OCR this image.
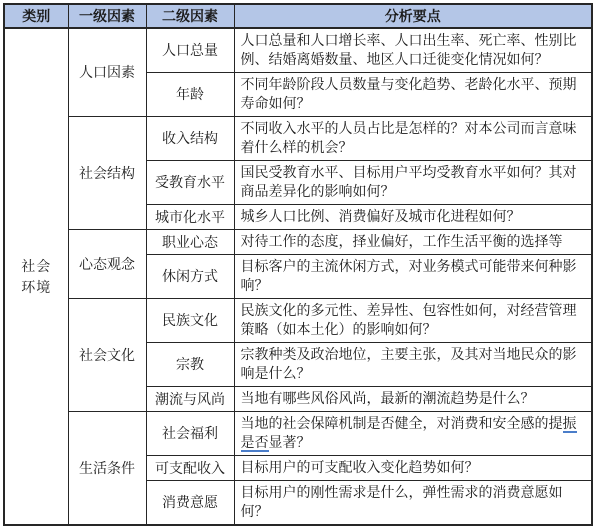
类别	一级因素	二级因素	分析要点

社会环境	人口因素	人口总量	人口总量和人口增长率、人口出生率、死亡率、性别比例、结婚离婚数量、地区人口迁徙变化情况如何？
		年龄	不同年龄阶段人员数量与变化趋势、老龄化水平、预期寿命如何？
	社会结构	收入结构	不同收入水平的人员占比是怎样的？对本公司而言意味着什么样的机会？
		受教育水平	国民受教育水平、目标用户平均受教育水平如何？其对商品差异化的影响如何？
		城市化水平	城乡人口比例、消费偏好及城市化进程如何？
	心态观念	职业心态	对待工作的态度，择业偏好，工作生活平衡的选择等
		休闲方式	目标客户的主流休闲方式，对业务模式可能带来何种影响？
	社会文化	民族文化	民族文化的多元性、差异性、包容性如何，对经营管理策略（如本土化）的影响如何？
		宗教	宗教种类及政治地位，主要主张，及其对当地民众的影响是什么？
		潮流与风尚	当地有哪些风俗风尚，最新的潮流趋势是什么？
	生活条件	社会福利	当地的社会保障机制是否健全，对消费和安全感的提振是否显著？
		可支配收入	目标用户的可支配收入变化趋势如何？
		消费意愿	目标用户的刚性需求是什么，弹性需求的消费意愿如何？
